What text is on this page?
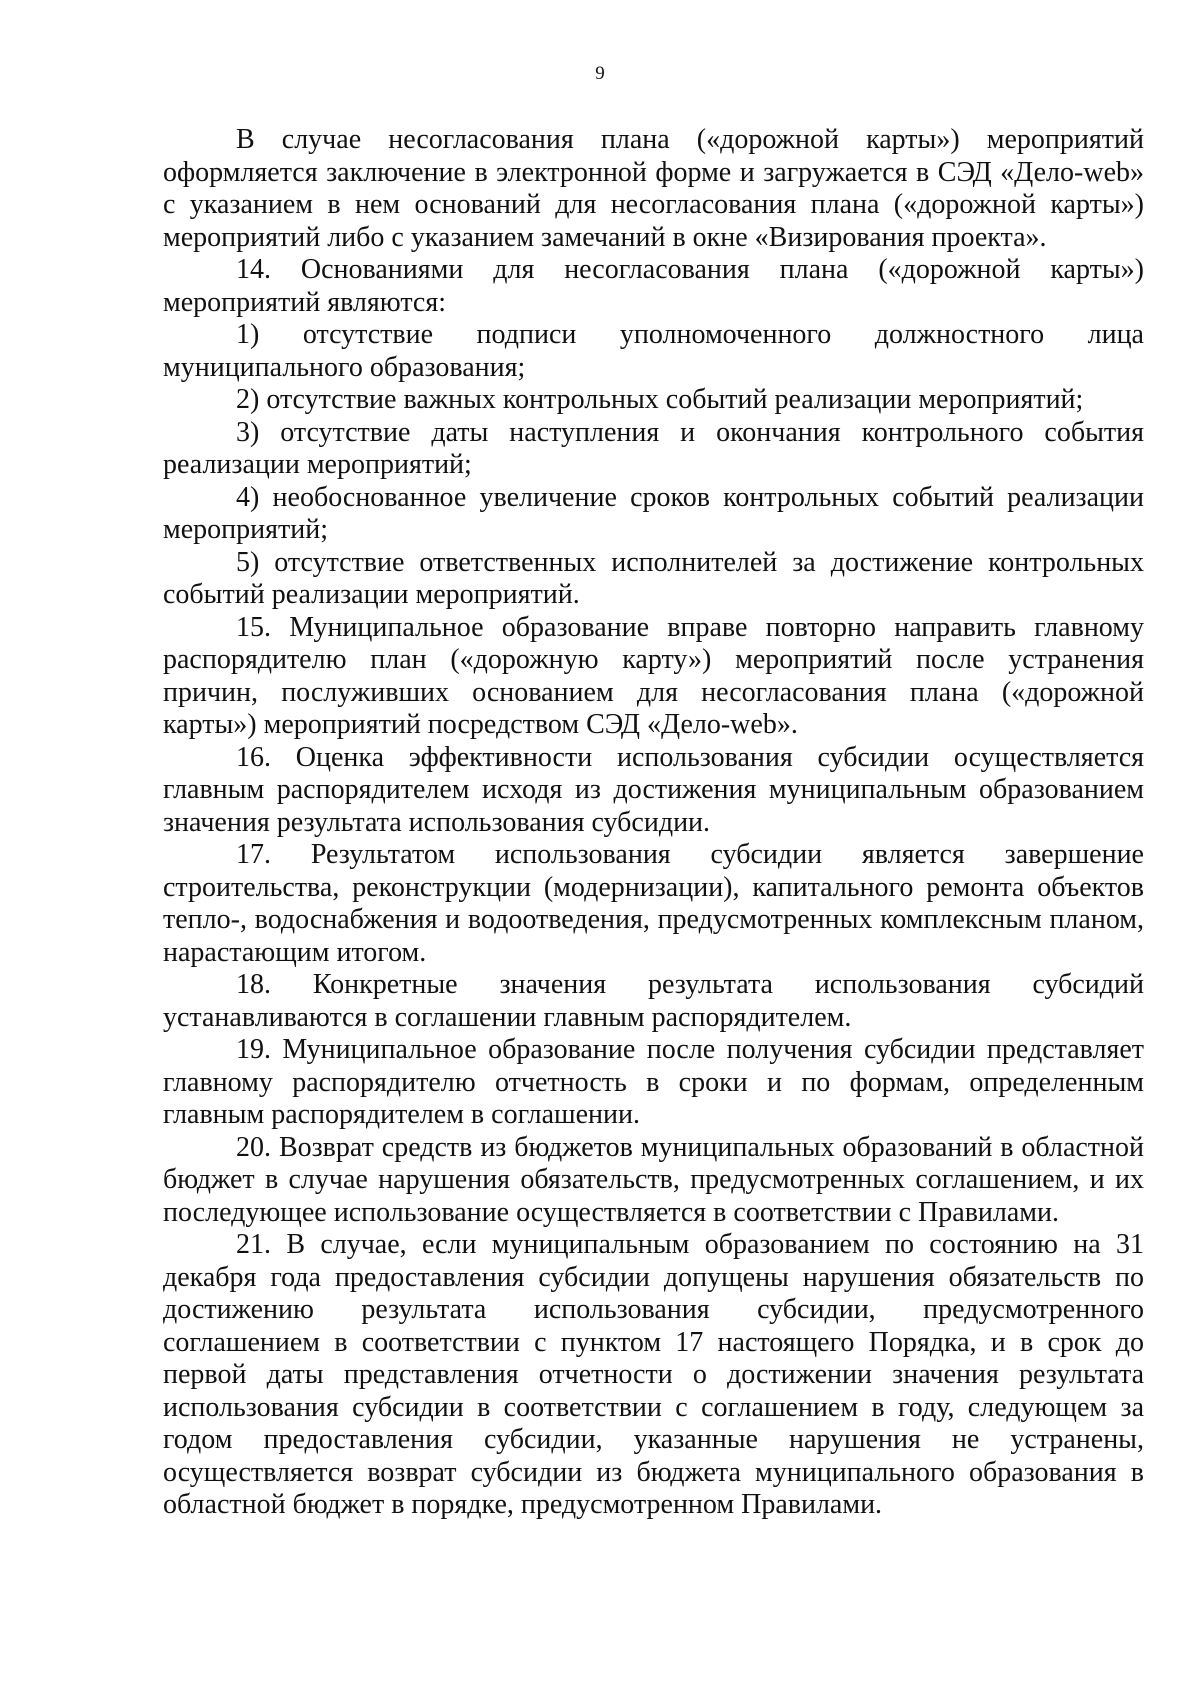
9

В случае несогласования плана («дорожной карты») мероприятий оформляется заключение в электронной форме и загружается в СЭД «Дело-web» с указанием в нем оснований для несогласования плана («дорожной карты») мероприятий либо с указанием замечаний в окне «Визирования проекта».

14. Основаниями для несогласования плана («дорожной карты») мероприятий являются:

1) отсутствие подписи уполномоченного должностного лица муниципального образования;

2) отсутствие важных контрольных событий реализации мероприятий;

3) отсутствие даты наступления и окончания контрольного события реализации мероприятий;

4) необоснованное увеличение сроков контрольных событий реализации мероприятий;

5) отсутствие ответственных исполнителей за достижение контрольных событий реализации мероприятий.

15. Муниципальное образование вправе повторно направить главному распорядителю план («дорожную карту») мероприятий после устранения причин, послуживших основанием для несогласования плана («дорожной карты») мероприятий посредством СЭД «Дело-web».

16. Оценка эффективности использования субсидии осуществляется главным распорядителем исходя из достижения муниципальным образованием значения результата использования субсидии.

17. Результатом использования субсидии является завершение строительства, реконструкции (модернизации), капитального ремонта объектов тепло-, водоснабжения и водоотведения, предусмотренных комплексным планом, нарастающим итогом.

18. Конкретные значения результата использования субсидий устанавливаются в соглашении главным распорядителем.

19. Муниципальное образование после получения субсидии представляет главному распорядителю отчетность в сроки и по формам, определенным главным распорядителем в соглашении.

20. Возврат средств из бюджетов муниципальных образований в областной бюджет в случае нарушения обязательств, предусмотренных соглашением, и их последующее использование осуществляется в соответствии с Правилами.

21. В случае, если муниципальным образованием по состоянию на 31 декабря года предоставления субсидии допущены нарушения обязательств по достижению результата использования субсидии, предусмотренного соглашением в соответствии с пунктом 17 настоящего Порядка, и в срок до первой даты представления отчетности о достижении значения результата использования субсидии в соответствии с соглашением в году, следующем за годом предоставления субсидии, указанные нарушения не устранены, осуществляется возврат субсидии из бюджета муниципального образования в областной бюджет в порядке, предусмотренном Правилами.
